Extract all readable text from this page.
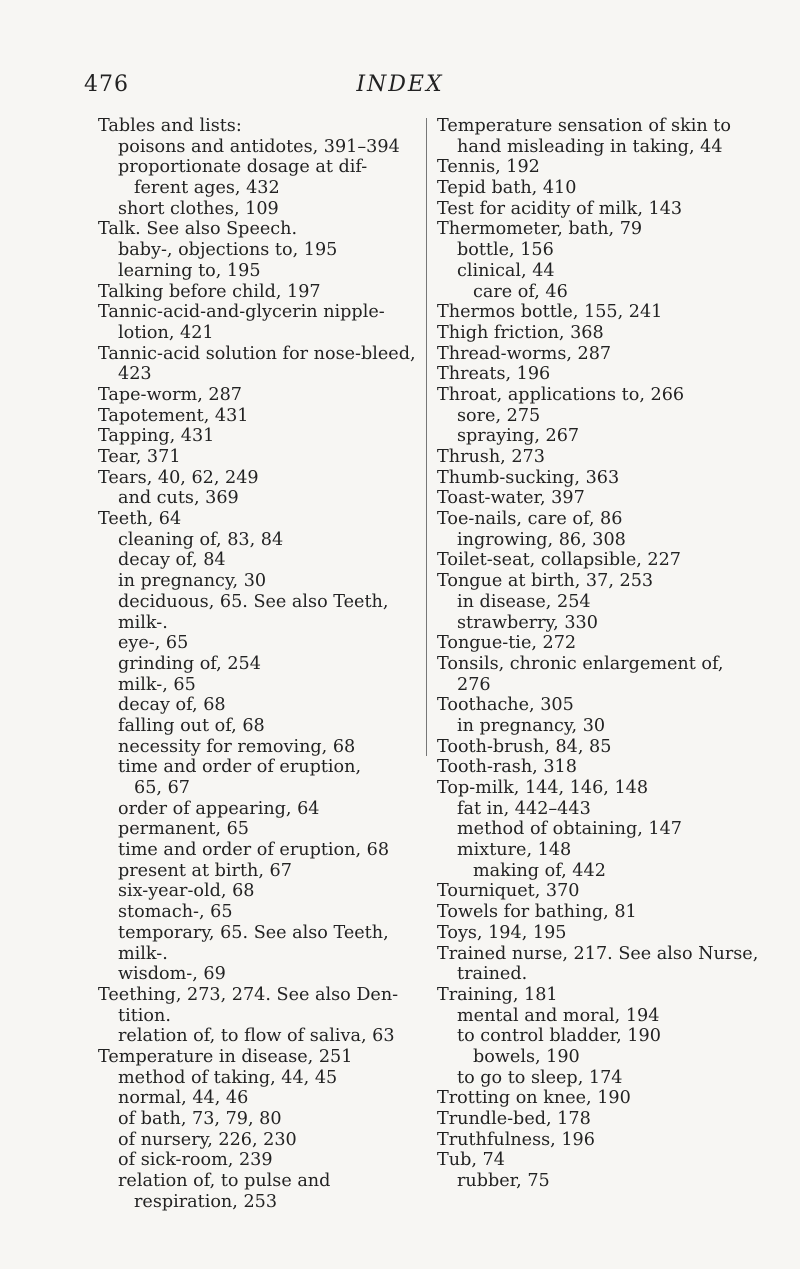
476	INDEX
Tables and lists:
poisons and antidotes, 391–394
proportionate dosage at dif-
ferent ages, 432
short clothes, 109
Talk. See also Speech.
baby-, objections to, 195
learning to, 195
Talking before child, 197
Tannic-acid-and-glycerin nipple-
lotion, 421
Tannic-acid solution for nose-bleed,
423
Tape-worm, 287
Tapotement, 431
Tapping, 431
Tear, 371
Tears, 40, 62, 249
and cuts, 369
Teeth, 64
cleaning of, 83, 84
decay of, 84
in pregnancy, 30
deciduous, 65. See also Teeth,
milk-.
eye-, 65
grinding of, 254
milk-, 65
decay of, 68
falling out of, 68
necessity for removing, 68
time and order of eruption,
65, 67
order of appearing, 64
permanent, 65
time and order of eruption, 68
present at birth, 67
six-year-old, 68
stomach-, 65
temporary, 65. See also Teeth,
milk-.
wisdom-, 69
Teething, 273, 274. See also Den-
tition.
relation of, to flow of saliva, 63
Temperature in disease, 251
method of taking, 44, 45
normal, 44, 46
of bath, 73, 79, 80
of nursery, 226, 230
of sick-room, 239
relation of, to pulse and
respiration, 253
Temperature sensation of skin to
hand misleading in taking, 44
Tennis, 192
Tepid bath, 410
Test for acidity of milk, 143
Thermometer, bath, 79
bottle, 156
clinical, 44
care of, 46
Thermos bottle, 155, 241
Thigh friction, 368
Thread-worms, 287
Threats, 196
Throat, applications to, 266
sore, 275
spraying, 267
Thrush, 273
Thumb-sucking, 363
Toast-water, 397
Toe-nails, care of, 86
ingrowing, 86, 308
Toilet-seat, collapsible, 227
Tongue at birth, 37, 253
in disease, 254
strawberry, 330
Tongue-tie, 272
Tonsils, chronic enlargement of,
276
Toothache, 305
in pregnancy, 30
Tooth-brush, 84, 85
Tooth-rash, 318
Top-milk, 144, 146, 148
fat in, 442–443
method of obtaining, 147
mixture, 148
making of, 442
Tourniquet, 370
Towels for bathing, 81
Toys, 194, 195
Trained nurse, 217. See also Nurse,
trained.
Training, 181
mental and moral, 194
to control bladder, 190
bowels, 190
to go to sleep, 174
Trotting on knee, 190
Trundle-bed, 178
Truthfulness, 196
Tub, 74
rubber, 75
